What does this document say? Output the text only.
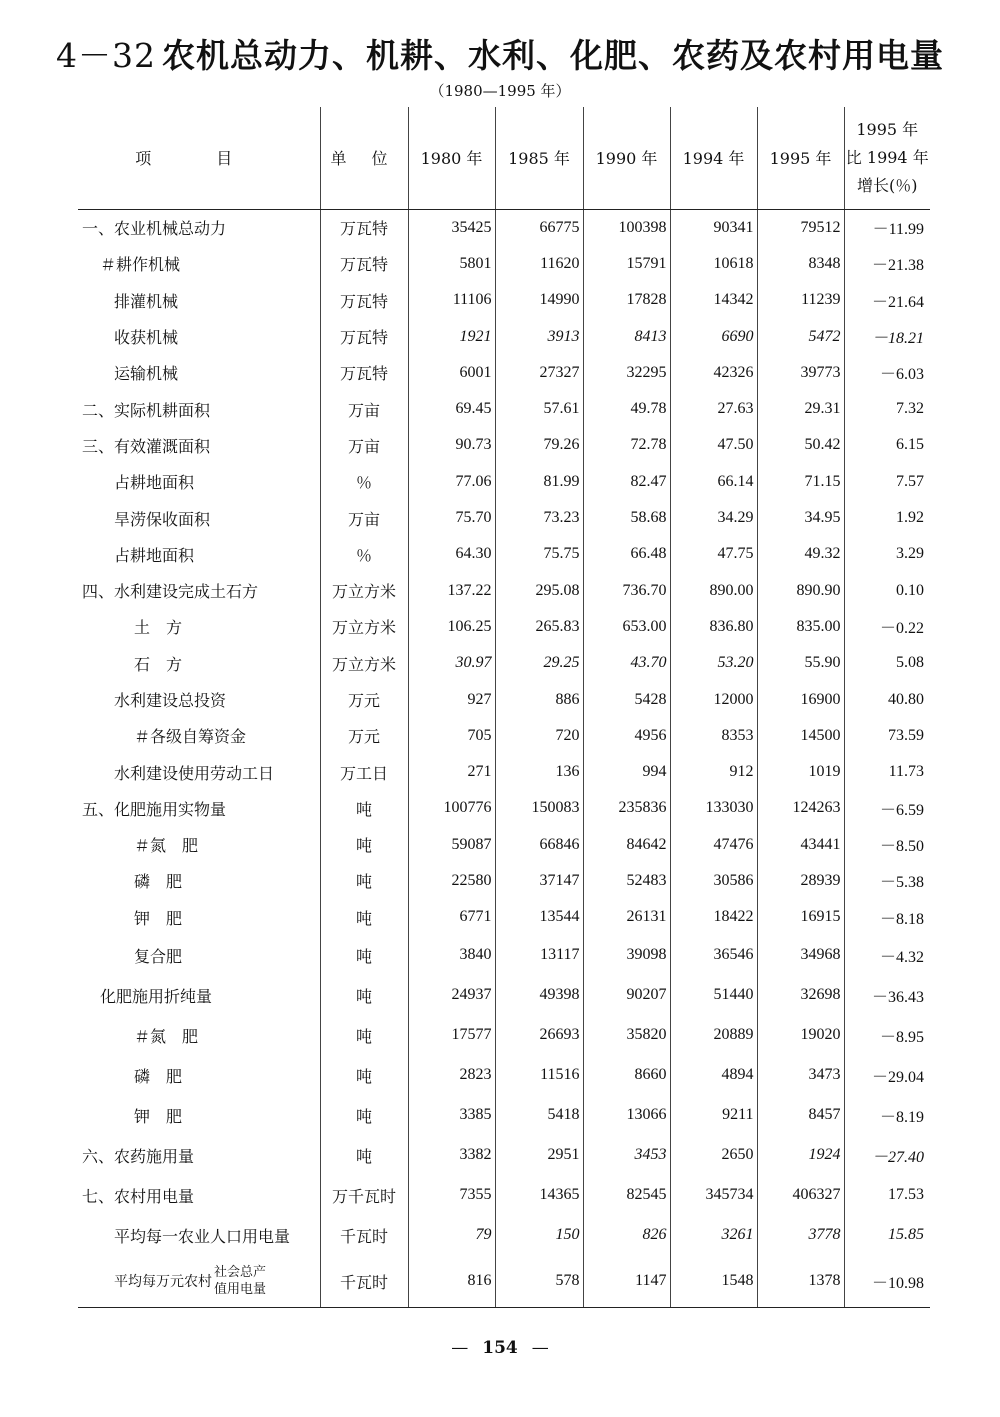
4－32 农机总动力、机耕、水利、化肥、农药及农村用电量
（1980—1995 年）
项 目	单 位	1980 年	1985 年	1990 年	1994 年	1995 年	1995 年
比 1994 年
增长(％)

一、农业机械总动力	万瓦特	35425	66775	100398	90341	79512	－11.99
＃耕作机械	万瓦特	5801	11620	15791	10618	8348	－21.38
排灌机械	万瓦特	11106	14990	17828	14342	11239	－21.64
收获机械	万瓦特	1921	3913	8413	6690	5472	－18.21
运输机械	万瓦特	6001	27327	32295	42326	39773	－6.03
二、实际机耕面积	万亩	69.45	57.61	49.78	27.63	29.31	7.32
三、有效灌溉面积	万亩	90.73	79.26	72.78	47.50	50.42	6.15
占耕地面积	％	77.06	81.99	82.47	66.14	71.15	7.57
旱涝保收面积	万亩	75.70	73.23	58.68	34.29	34.95	1.92
占耕地面积	％	64.30	75.75	66.48	47.75	49.32	3.29
四、水利建设完成土石方	万立方米	137.22	295.08	736.70	890.00	890.90	0.10
土　方	万立方米	106.25	265.83	653.00	836.80	835.00	－0.22
石　方	万立方米	30.97	29.25	43.70	53.20	55.90	5.08
水利建设总投资	万元	927	886	5428	12000	16900	40.80
＃各级自筹资金	万元	705	720	4956	8353	14500	73.59
水利建设使用劳动工日	万工日	271	136	994	912	1019	11.73
五、化肥施用实物量	吨	100776	150083	235836	133030	124263	－6.59
＃氮　肥	吨	59087	66846	84642	47476	43441	－8.50
磷　肥	吨	22580	37147	52483	30586	28939	－5.38
钾　肥	吨	6771	13544	26131	18422	16915	－8.18
复合肥	吨	3840	13117	39098	36546	34968	－4.32
化肥施用折纯量	吨	24937	49398	90207	51440	32698	－36.43
＃氮　肥	吨	17577	26693	35820	20889	19020	－8.95
磷　肥	吨	2823	11516	8660	4894	3473	－29.04
钾　肥	吨	3385	5418	13066	9211	8457	－8.19
六、农药施用量	吨	3382	2951	3453	2650	1924	－27.40
七、农村用电量	万千瓦时	7355	14365	82545	345734	406327	17.53
平均每一农业人口用电量	千瓦时	79	150	826	3261	3778	15.85

平均每万元农村
社会总产
值用电量	千瓦时	816	578	1147	1548	1378	－10.98
— 154 —
